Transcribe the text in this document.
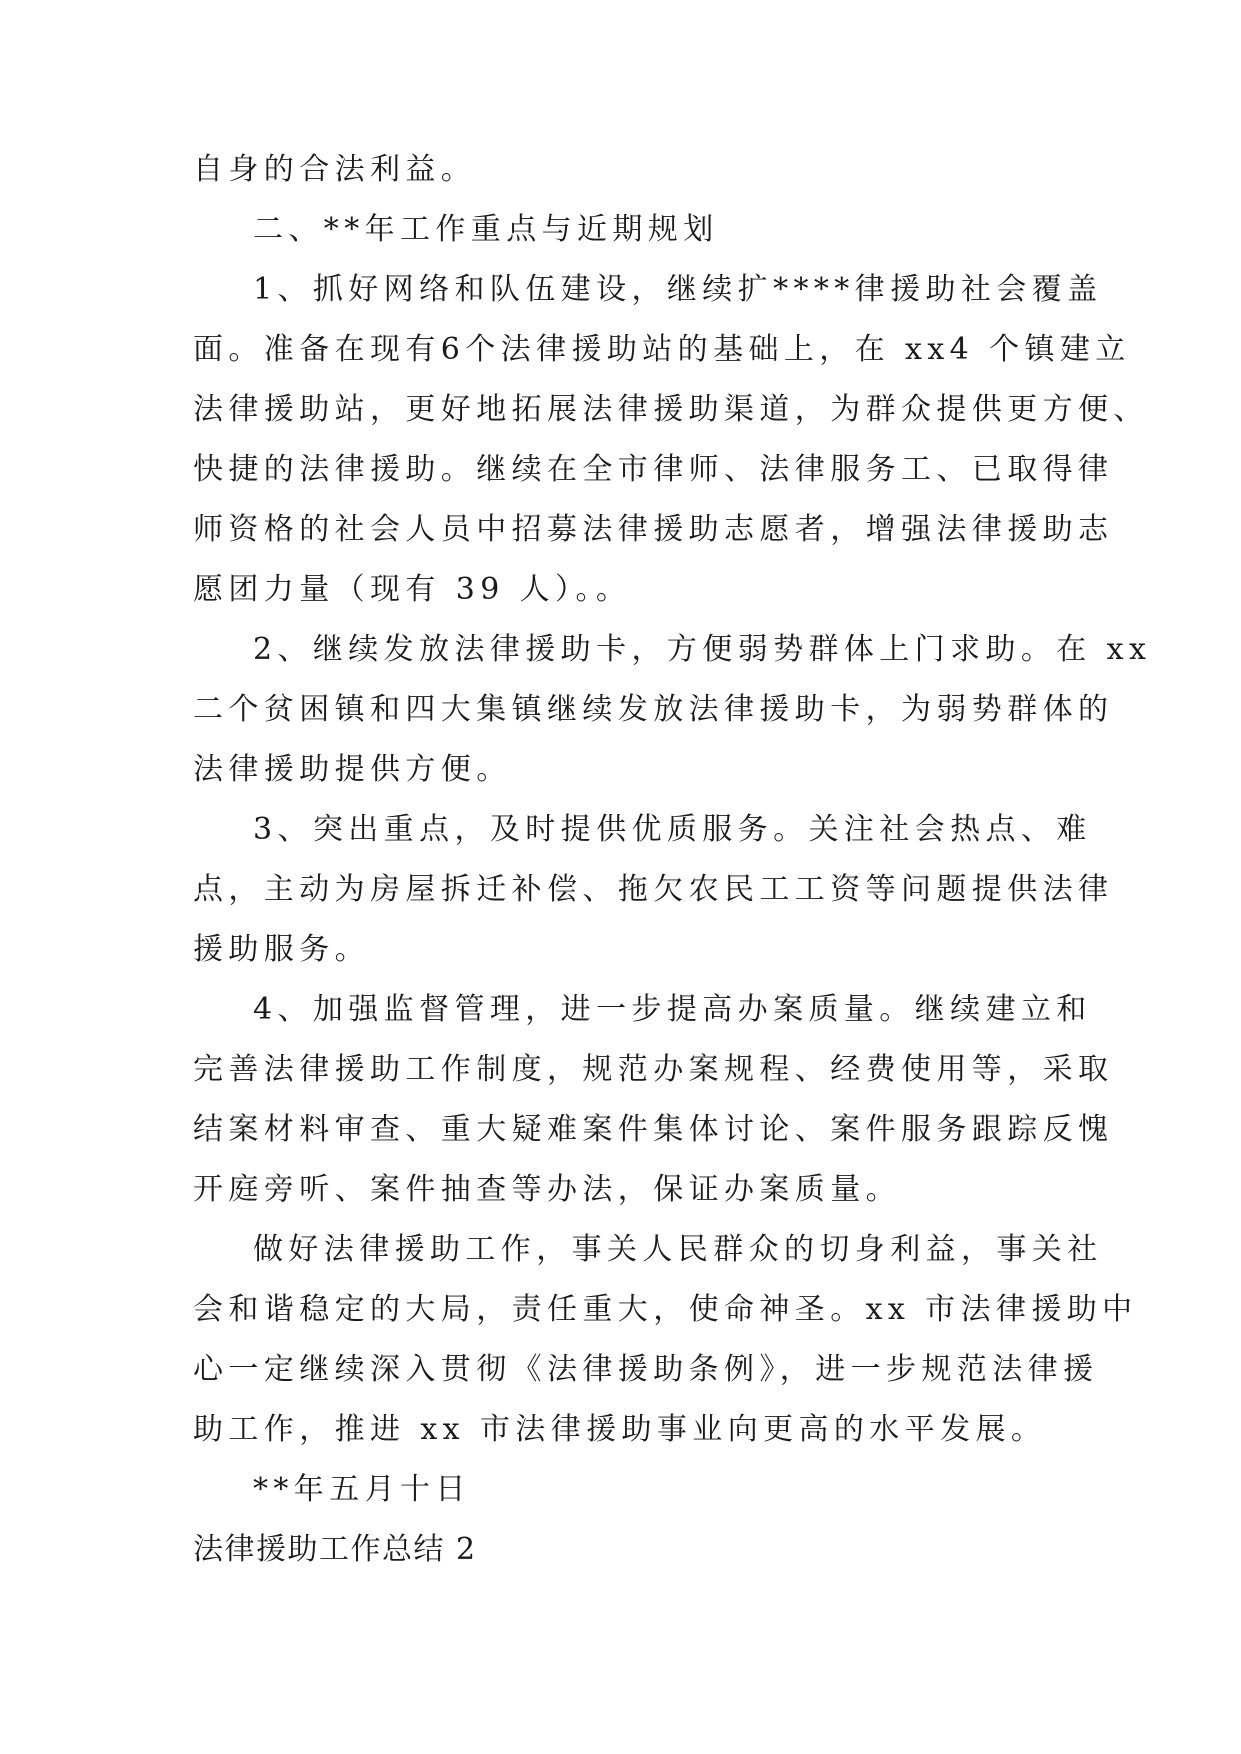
自身的合法利益。
二、**年工作重点与近期规划
1、抓好网络和队伍建设，继续扩****律援助社会覆盖
面。准备在现有6个法律援助站的基础上，在 xx4 个镇建立
法律援助站，更好地拓展法律援助渠道，为群众提供更方便、
快捷的法律援助。继续在全市律师、法律服务工、已取得律
师资格的社会人员中招募法律援助志愿者，增强法律援助志
愿团力量（现有 39 人）。。
2、继续发放法律援助卡，方便弱势群体上门求助。在 xx
二个贫困镇和四大集镇继续发放法律援助卡，为弱势群体的
法律援助提供方便。
3、突出重点，及时提供优质服务。关注社会热点、难
点，主动为房屋拆迁补偿、拖欠农民工工资等问题提供法律
援助服务。
4、加强监督管理，进一步提高办案质量。继续建立和
完善法律援助工作制度，规范办案规程、经费使用等，采取
结案材料审查、重大疑难案件集体讨论、案件服务跟踪反愧
开庭旁听、案件抽查等办法，保证办案质量。
做好法律援助工作，事关人民群众的切身利益，事关社
会和谐稳定的大局，责任重大，使命神圣。xx 市法律援助中
心一定继续深入贯彻《法律援助条例》，进一步规范法律援
助工作，推进 xx 市法律援助事业向更高的水平发展。
**年五月十日
法律援助工作总结 2
